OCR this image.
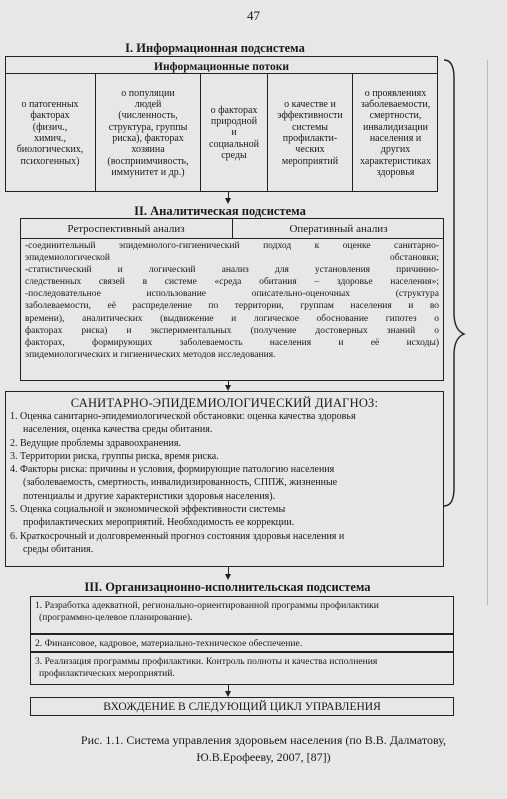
47
I. Информационная подсистема
Информационные потоки
о патогенных
факторах
(физич.,
химич.,
биологических,
психогенных)
о популяции
людей
(численность,
структура, группы
риска), факторах
хозяина
(восприимчивость,
иммунитет и др.)
о факторах
природной
и
социальной
среды
о качестве и
эффективности
системы
профилакти-
ческих
мероприятий
о проявлениях
заболеваемости,
смертности,
инвалидизации
населения и
других
характеристиках
здоровья
II. Аналитическая подсистема
Ретроспективный анализ	Оперативный анализ
-соединительный эпидемиолого-гигиенический подход к оценке санитарно-
эпидемиологической обстановки;
-статистический и логический анализ для установления причинно-
следственных связей в системе «среда обитания – здоровье населения»;
-последовательное использование описательно-оценочных (структура
заболеваемости, её распределение по территории, группам населения и во
времени), аналитических (выдвижение и логическое обоснование гипотез о
факторах риска) и экспериментальных (получение достоверных знаний о
факторах, формирующих заболеваемость населения и её исходы)
эпидемиологических и гигиенических методов исследования.
САНИТАРНО-ЭПИДЕМИОЛОГИЧЕСКИЙ ДИАГНОЗ:
1. Оценка санитарно-эпидемиологической обстановки: оценка качества здоровья
населения, оценка качества среды обитания.
2. Ведущие проблемы здравоохранения.
3. Территории риска, группы риска, время риска.
4. Факторы риска: причины и условия, формирующие патологию населения
(заболеваемость, смертность, инвалидизированность, СППЖ, жизненные
потенциалы и другие характеристики здоровья населения).
5. Оценка социальной и экономической эффективности системы
профилактических мероприятий. Необходимость ее коррекции.
6. Краткосрочный и долговременный прогноз состояния здоровья населения и
среды обитания.
III. Организационно-исполнительская подсистема
1. Разработка адекватной, регионально-ориентированной программы профилактики
(программно-целевое планирование).
2. Финансовое, кадровое, материально-техническое обеспечение.
3. Реализация программы профилактики. Контроль полноты и качества исполнения
профилактических мероприятий.
ВХОЖДЕНИЕ В СЛЕДУЮЩИЙ ЦИКЛ УПРАВЛЕНИЯ
Рис. 1.1. Система управления здоровьем населения (по В.В. Далматову,
Ю.В.Ерофееву, 2007, [87])
